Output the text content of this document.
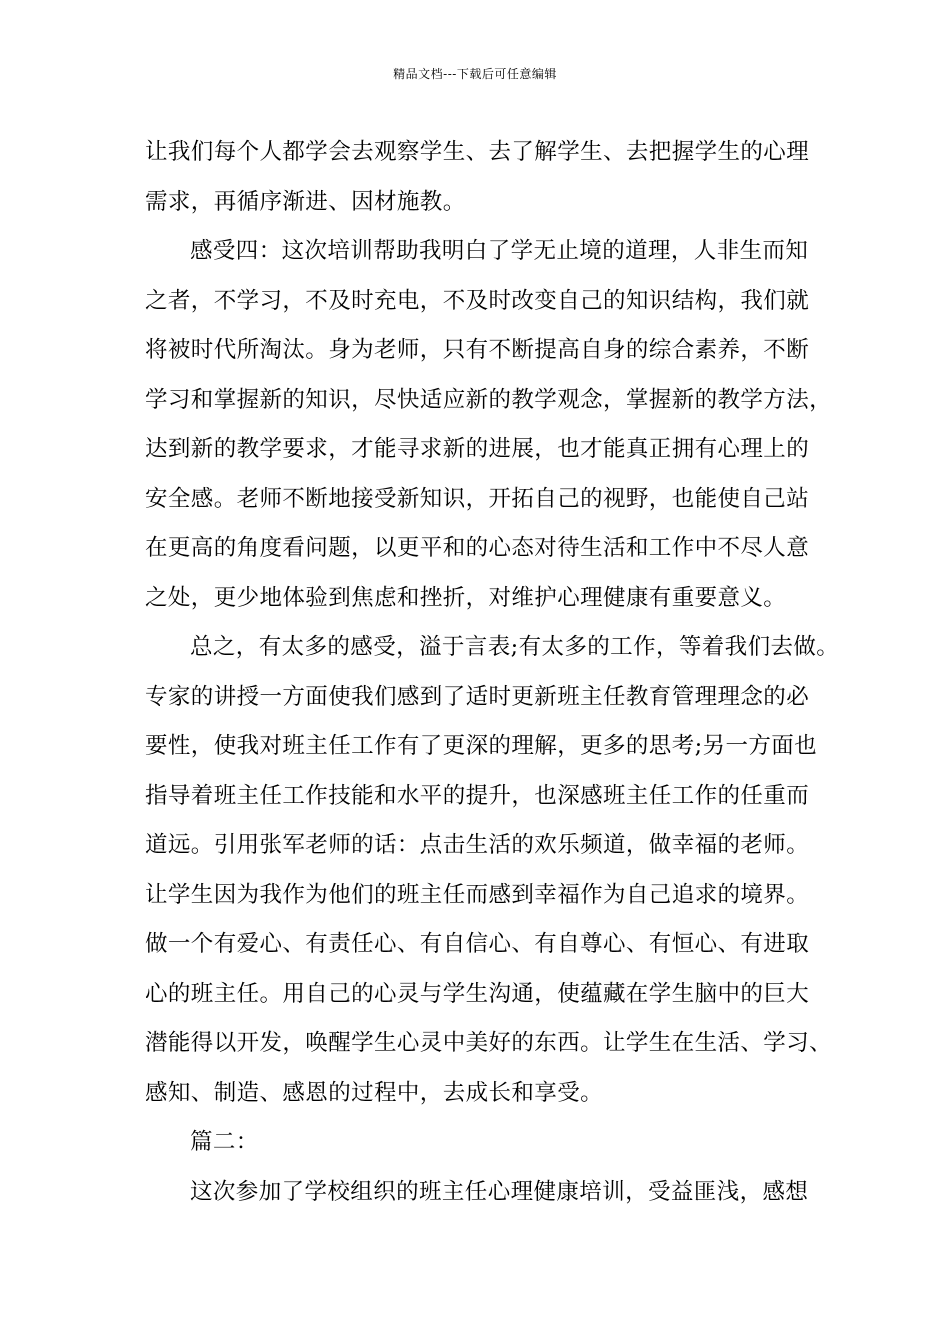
精品文档---下载后可任意编辑
让我们每个人都学会去观察学生、去了解学生、去把握学生的心理
需求，再循序渐进、因材施教。
感受四：这次培训帮助我明白了学无止境的道理，人非生而知
之者，不学习，不及时充电，不及时改变自己的知识结构，我们就
将被时代所淘汰。身为老师，只有不断提高自身的综合素养，不断
学习和掌握新的知识，尽快适应新的教学观念，掌握新的教学方法，
达到新的教学要求，才能寻求新的进展，也才能真正拥有心理上的
安全感。老师不断地接受新知识，开拓自己的视野，也能使自己站
在更高的角度看问题，以更平和的心态对待生活和工作中不尽人意
之处，更少地体验到焦虑和挫折，对维护心理健康有重要意义。
总之，有太多的感受，溢于言表;有太多的工作，等着我们去做。
专家的讲授一方面使我们感到了适时更新班主任教育管理理念的必
要性，使我对班主任工作有了更深的理解，更多的思考;另一方面也
指导着班主任工作技能和水平的提升，也深感班主任工作的任重而
道远。引用张军老师的话：点击生活的欢乐频道，做幸福的老师。
让学生因为我作为他们的班主任而感到幸福作为自己追求的境界。
做一个有爱心、有责任心、有自信心、有自尊心、有恒心、有进取
心的班主任。用自己的心灵与学生沟通，使蕴藏在学生脑中的巨大
潜能得以开发，唤醒学生心灵中美好的东西。让学生在生活、学习、
感知、制造、感恩的过程中，去成长和享受。
篇二：
这次参加了学校组织的班主任心理健康培训，受益匪浅，感想
